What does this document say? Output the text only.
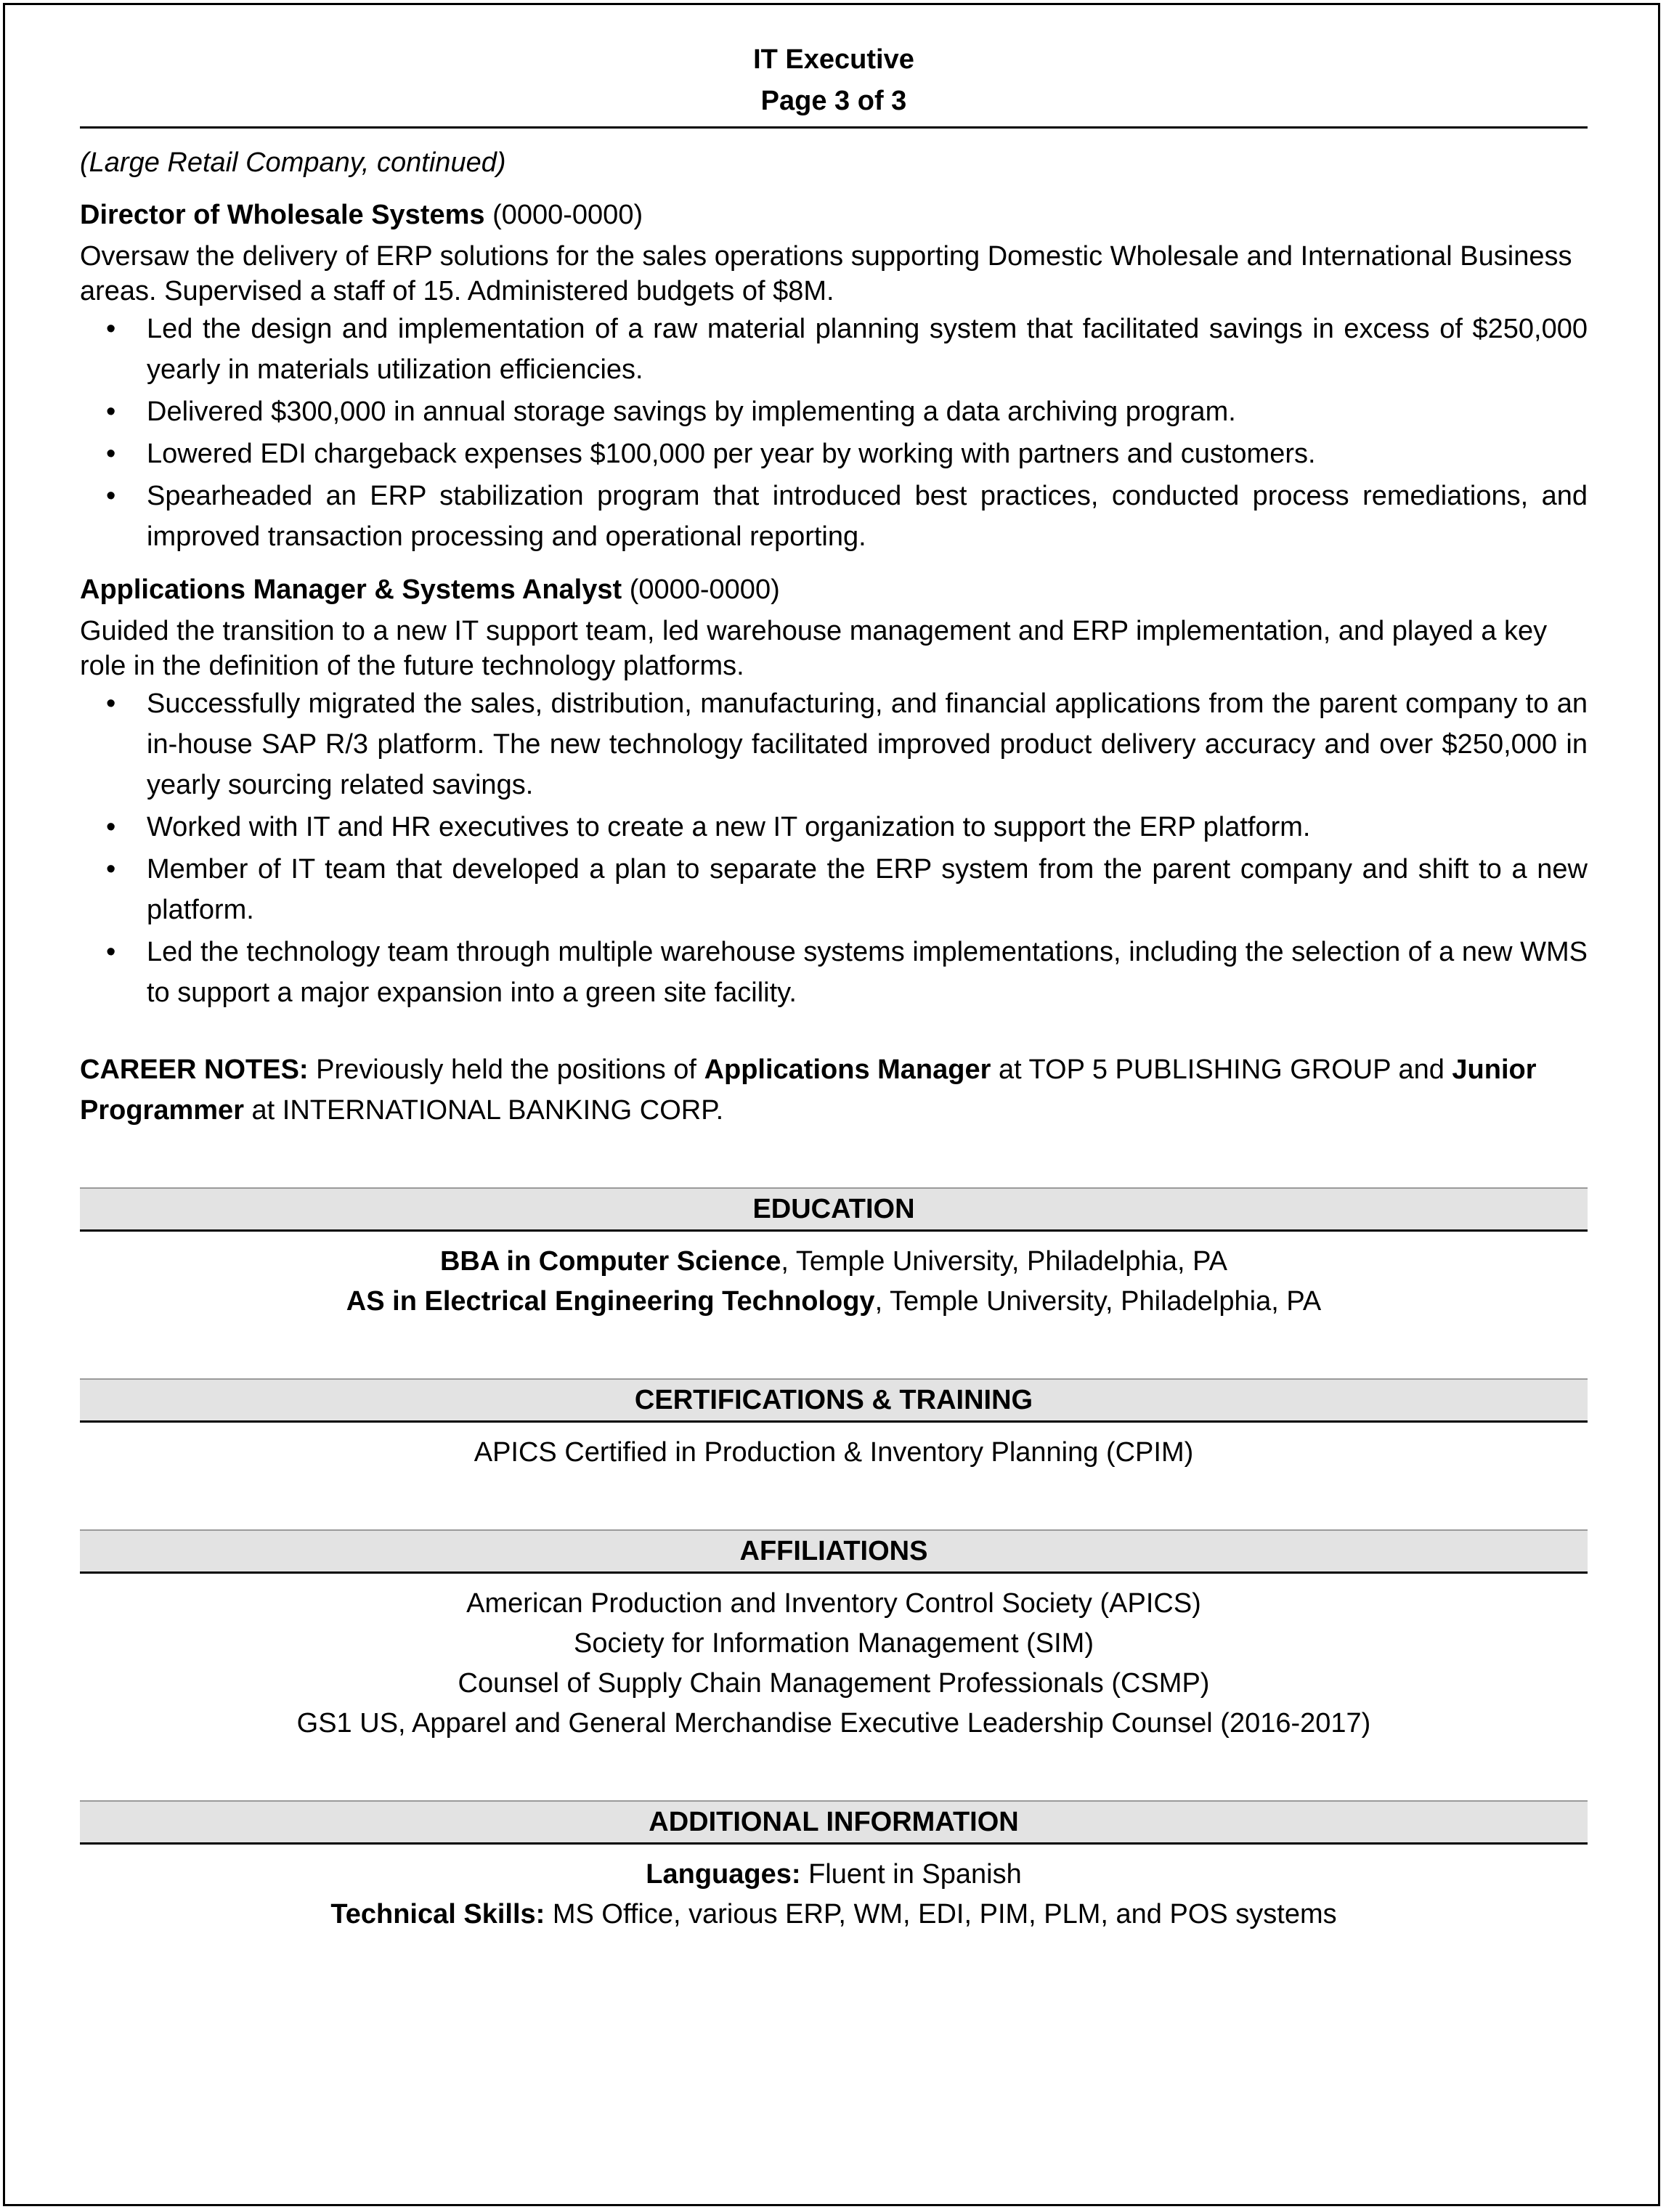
IT Executive
Page 3 of 3
(Large Retail Company, continued)
Director of Wholesale Systems (0000-0000)

Oversaw the delivery of ERP solutions for the sales operations supporting Domestic Wholesale and International Business areas. Supervised a staff of 15. Administered budgets of $8M.

• Led the design and implementation of a raw material planning system that facilitated savings in excess of $250,000 yearly in materials utilization efficiencies.
• Delivered $300,000 in annual storage savings by implementing a data archiving program.
• Lowered EDI chargeback expenses $100,000 per year by working with partners and customers.
• Spearheaded an ERP stabilization program that introduced best practices, conducted process remediations, and improved transaction processing and operational reporting.
Applications Manager & Systems Analyst (0000-0000)

Guided the transition to a new IT support team, led warehouse management and ERP implementation, and played a key role in the definition of the future technology platforms.

• Successfully migrated the sales, distribution, manufacturing, and financial applications from the parent company to an in-house SAP R/3 platform. The new technology facilitated improved product delivery accuracy and over $250,000 in yearly sourcing related savings.
• Worked with IT and HR executives to create a new IT organization to support the ERP platform.
• Member of IT team that developed a plan to separate the ERP system from the parent company and shift to a new platform.
• Led the technology team through multiple warehouse systems implementations, including the selection of a new WMS to support a major expansion into a green site facility.
CAREER NOTES: Previously held the positions of Applications Manager at TOP 5 PUBLISHING GROUP and Junior Programmer at INTERNATIONAL BANKING CORP.
EDUCATION
BBA in Computer Science, Temple University, Philadelphia, PA
AS in Electrical Engineering Technology, Temple University, Philadelphia, PA
CERTIFICATIONS & TRAINING
APICS Certified in Production & Inventory Planning (CPIM)
AFFILIATIONS
American Production and Inventory Control Society (APICS)
Society for Information Management (SIM)
Counsel of Supply Chain Management Professionals (CSMP)
GS1 US, Apparel and General Merchandise Executive Leadership Counsel (2016-2017)
ADDITIONAL INFORMATION
Languages: Fluent in Spanish
Technical Skills: MS Office, various ERP, WM, EDI, PIM, PLM, and POS systems
